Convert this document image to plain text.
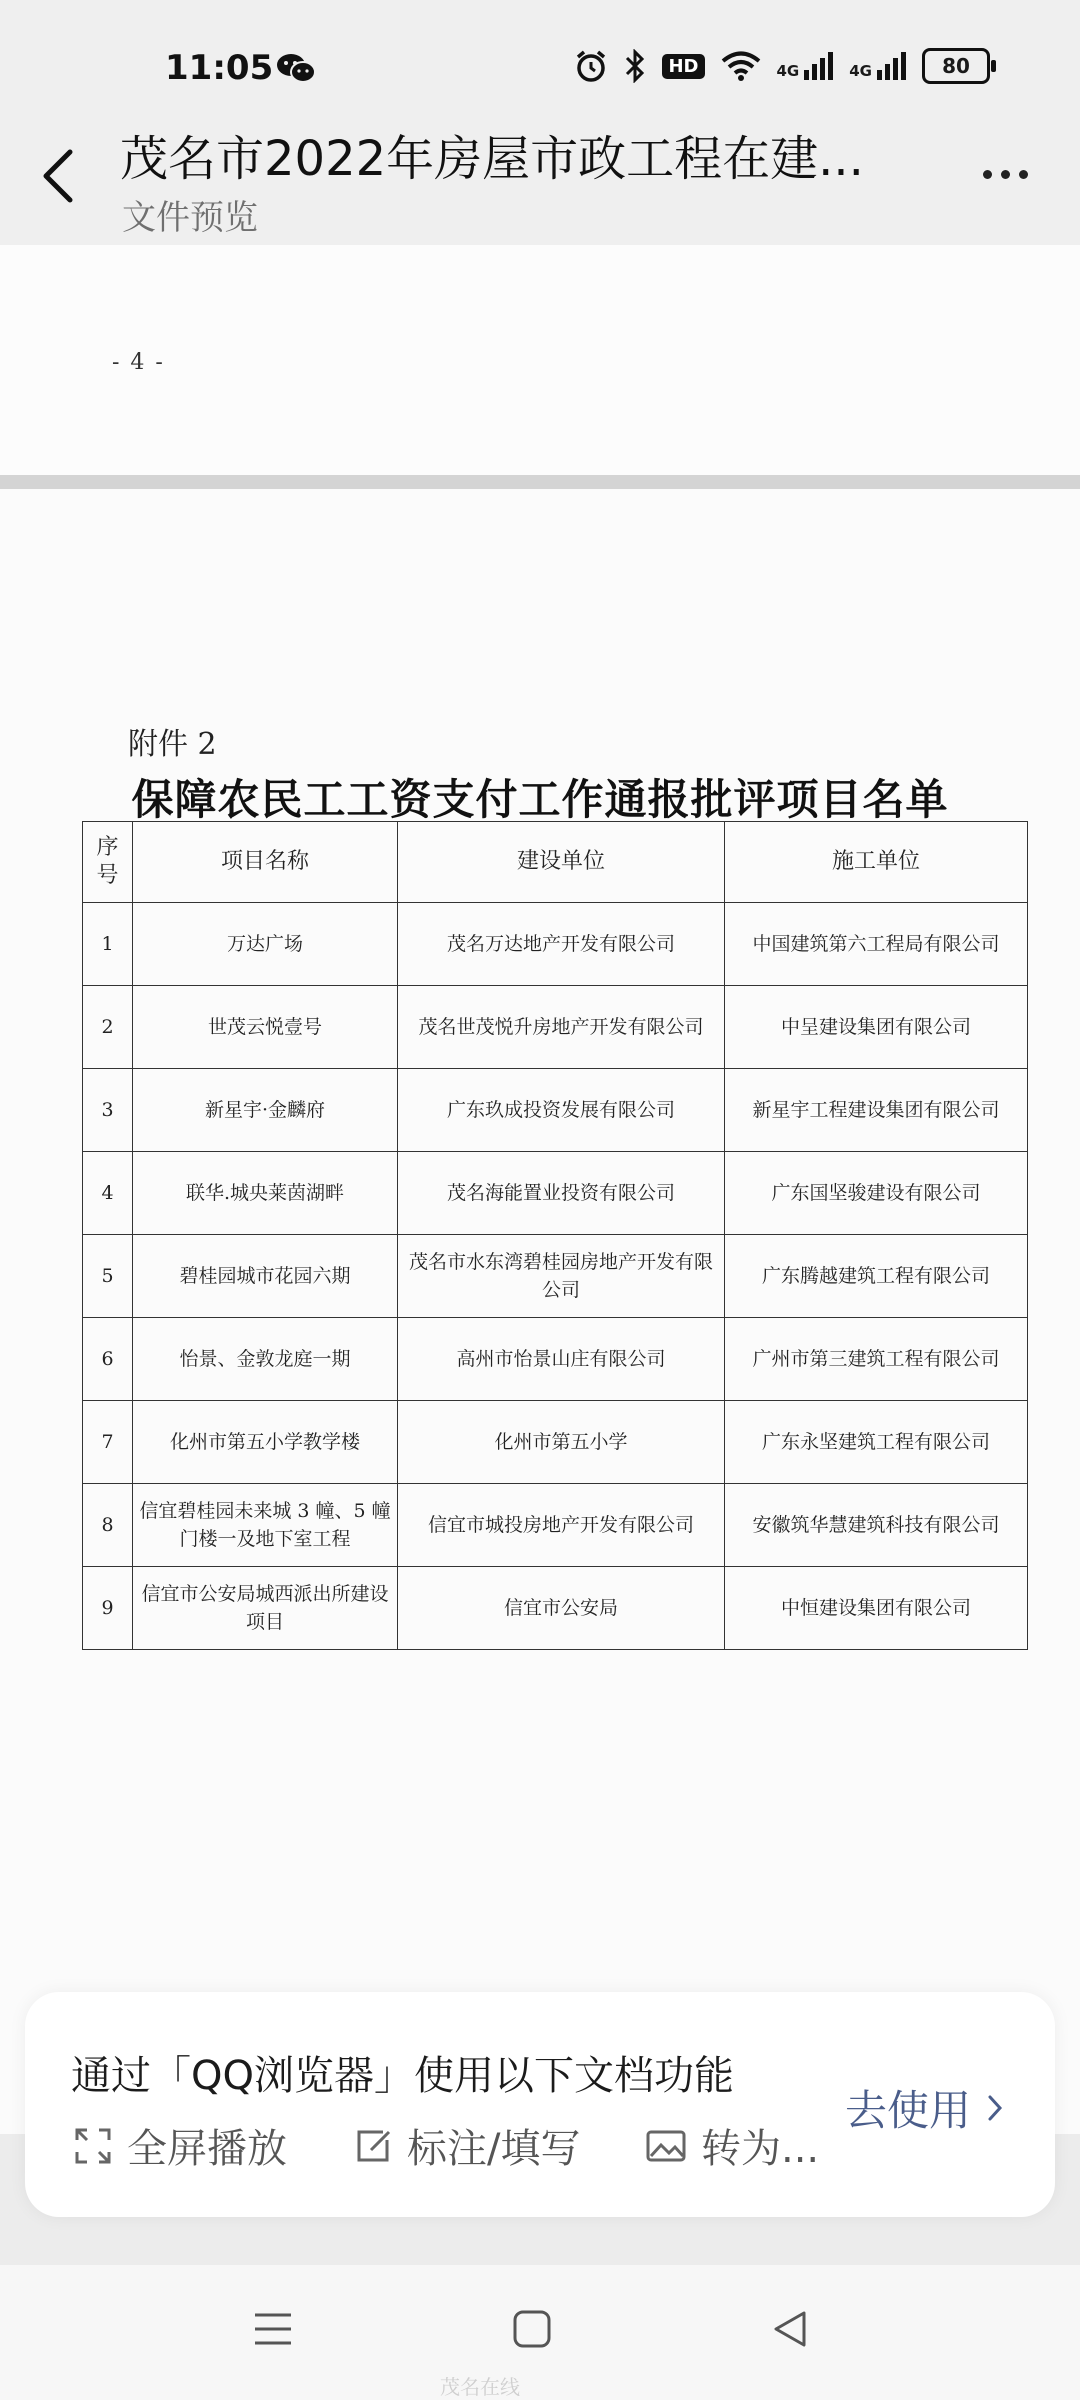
11:05	HD	4G	4G	80
茂名市2022年房屋市政工程在建...
文件预览
- 4 -
附件 2
保障农民工工资支付工作通报批评项目名单
序号	项目名称	建设单位	施工单位
1	万达广场	茂名万达地产开发有限公司	中国建筑第六工程局有限公司
2	世茂云悦壹号	茂名世茂悦升房地产开发有限公司	中呈建设集团有限公司
3	新星宇·金麟府	广东玖成投资发展有限公司	新星宇工程建设集团有限公司
4	联华.城央莱茵湖畔	茂名海能置业投资有限公司	广东国坚骏建设有限公司
5	碧桂园城市花园六期	茂名市水东湾碧桂园房地产开发有限公司	广东腾越建筑工程有限公司
6	怡景、金敦龙庭一期	高州市怡景山庄有限公司	广州市第三建筑工程有限公司
7	化州市第五小学教学楼	化州市第五小学	广东永坚建筑工程有限公司
8	信宜碧桂园未来城 3 幢、5 幢门楼一及地下室工程	信宜市城投房地产开发有限公司	安徽筑华慧建筑科技有限公司
9	信宜市公安局城西派出所建设项目	信宜市公安局	中恒建设集团有限公司
通过「QQ浏览器」使用以下文档功能
全屏播放	标注/填写	转为...
去使用
茂名在线
